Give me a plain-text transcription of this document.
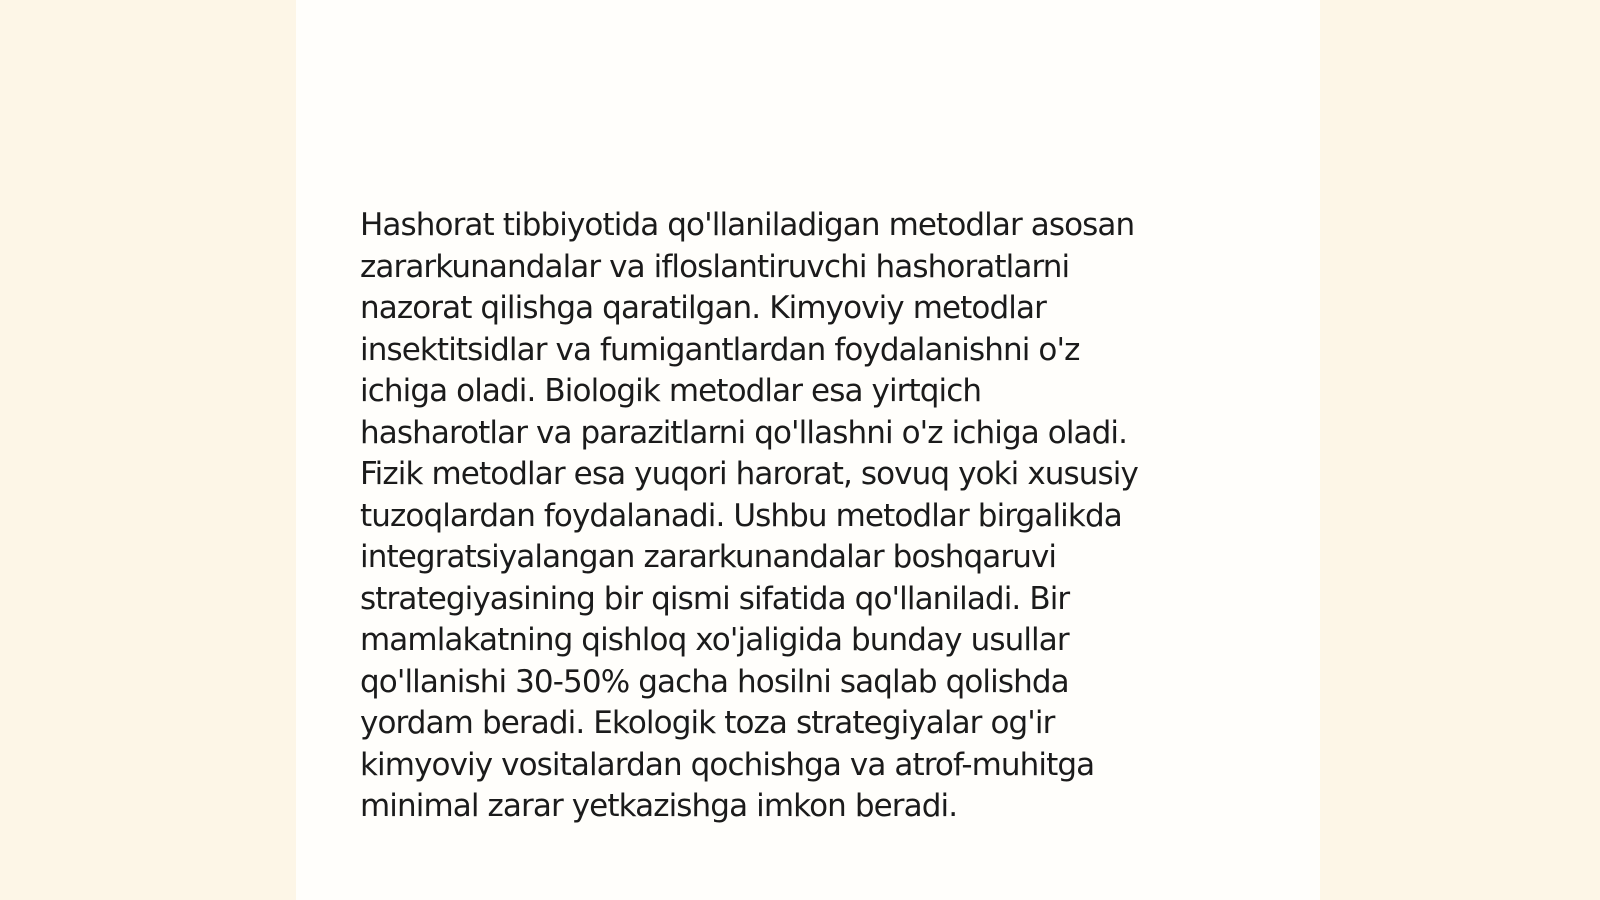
Hashorat tibbiyotida qo'llaniladigan metodlar asosan
zararkunandalar va ifloslantiruvchi hashoratlarni
nazorat qilishga qaratilgan. Kimyoviy metodlar
insektitsidlar va fumigantlardan foydalanishni o'z
ichiga oladi. Biologik metodlar esa yirtqich
hasharotlar va parazitlarni qo'llashni o'z ichiga oladi.
Fizik metodlar esa yuqori harorat, sovuq yoki xususiy
tuzoqlardan foydalanadi. Ushbu metodlar birgalikda
integratsiyalangan zararkunandalar boshqaruvi
strategiyasining bir qismi sifatida qo'llaniladi. Bir
mamlakatning qishloq xo'jaligida bunday usullar
qo'llanishi 30-50% gacha hosilni saqlab qolishda
yordam beradi. Ekologik toza strategiyalar og'ir
kimyoviy vositalardan qochishga va atrof-muhitga
minimal zarar yetkazishga imkon beradi.
